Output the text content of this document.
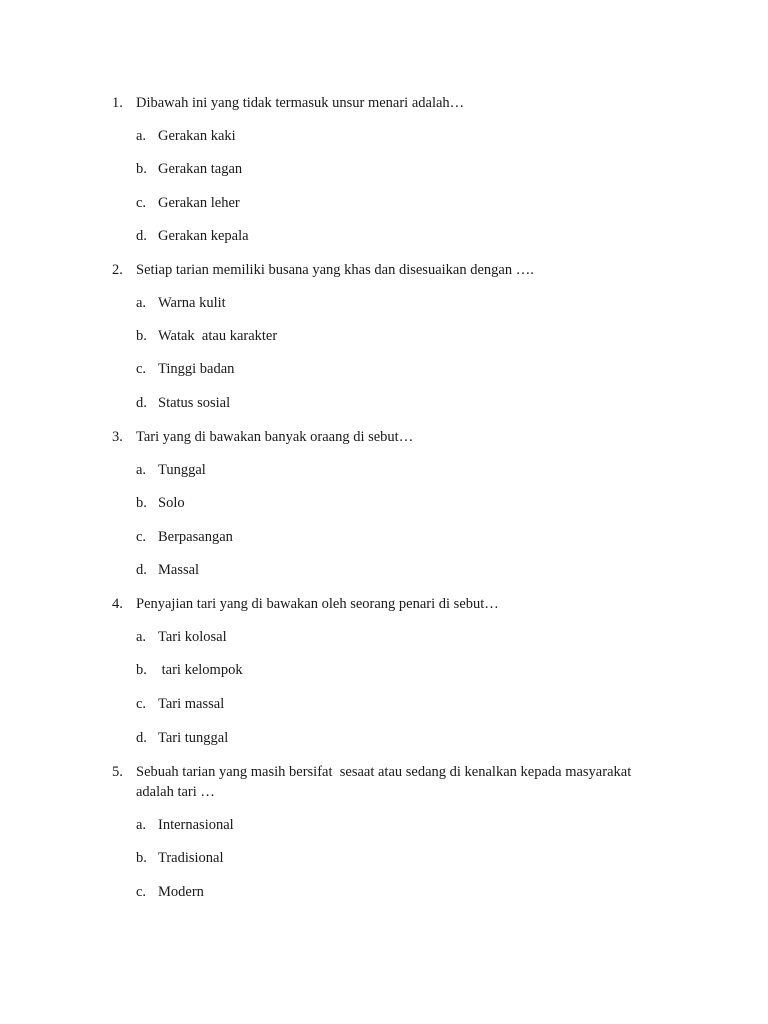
1. Dibawah ini yang tidak termasuk unsur menari adalah…

a.

Gerakan kaki

b.

Gerakan tagan

c.

Gerakan leher

d.

Gerakan kepala

2. Setiap tarian memiliki busana yang khas dan disesuaikan dengan ….

a.

Warna kulit

b.

Watak  atau karakter

c.

Tinggi badan

d.

Status sosial

3. Tari yang di bawakan banyak oraang di sebut…

a.

Tunggal

b.

Solo

c.

Berpasangan

d.

Massal

4. Penyajian tari yang di bawakan oleh seorang penari di sebut…

a.

Tari kolosal

b.

tari kelompok

c.

Tari massal

d.

Tari tunggal

5. Sebuah tarian yang masih bersifat  sesaat atau sedang di kenalkan kepada masyarakat adalah tari …

a.

Internasional

b.

Tradisional

c.

Modern
